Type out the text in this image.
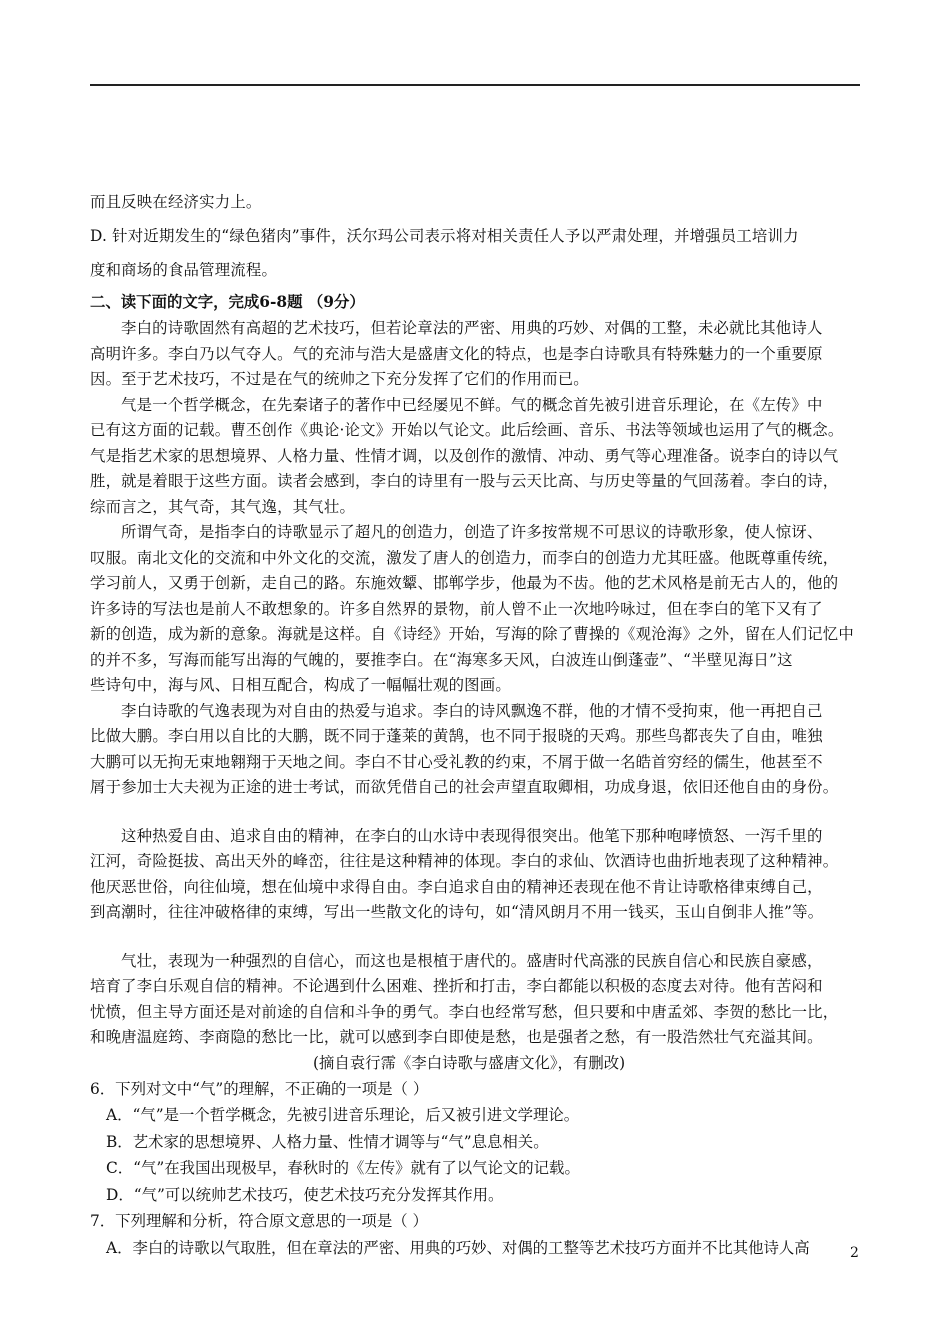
而且反映在经济实力上。
D. 针对近期发生的“绿色猪肉”事件，沃尔玛公司表示将对相关责任人予以严肃处理，并增强员工培训力
度和商场的食品管理流程。
二、读下面的文字，完成6-8题 （9分）
李白的诗歌固然有高超的艺术技巧，但若论章法的严密、用典的巧妙、对偶的工整，未必就比其他诗人
高明许多。李白乃以气夺人。气的充沛与浩大是盛唐文化的特点，也是李白诗歌具有特殊魅力的一个重要原
因。至于艺术技巧，不过是在气的统帅之下充分发挥了它们的作用而已。
气是一个哲学概念，在先秦诸子的著作中已经屡见不鲜。气的概念首先被引进音乐理论，在《左传》中
已有这方面的记载。曹丕创作《典论·论文》开始以气论文。此后绘画、音乐、书法等领域也运用了气的概念。
气是指艺术家的思想境界、人格力量、性情才调，以及创作的激情、冲动、勇气等心理准备。说李白的诗以气
胜，就是着眼于这些方面。读者会感到，李白的诗里有一股与云天比高、与历史等量的气回荡着。李白的诗，
综而言之，其气奇，其气逸，其气壮。
所谓气奇，是指李白的诗歌显示了超凡的创造力，创造了许多按常规不可思议的诗歌形象，使人惊讶、
叹服。南北文化的交流和中外文化的交流，激发了唐人的创造力，而李白的创造力尤其旺盛。他既尊重传统，
学习前人，又勇于创新，走自己的路。东施效颦、邯郸学步，他最为不齿。他的艺术风格是前无古人的，他的
许多诗的写法也是前人不敢想象的。许多自然界的景物，前人曾不止一次地吟咏过，但在李白的笔下又有了
新的创造，成为新的意象。海就是这样。自《诗经》开始，写海的除了曹操的《观沧海》之外，留在人们记忆中
的并不多，写海而能写出海的气魄的，要推李白。在“海寒多天风，白波连山倒蓬壶”、“半壁见海日”这
些诗句中，海与风、日相互配合，构成了一幅幅壮观的图画。
李白诗歌的气逸表现为对自由的热爱与追求。李白的诗风飘逸不群，他的才情不受拘束，他一再把自己
比做大鹏。李白用以自比的大鹏，既不同于蓬莱的黄鹄，也不同于报晓的天鸡。那些鸟都丧失了自由，唯独
大鹏可以无拘无束地翱翔于天地之间。李白不甘心受礼教的约束，不屑于做一名皓首穷经的儒生，他甚至不
屑于参加士大夫视为正途的进士考试，而欲凭借自己的社会声望直取卿相，功成身退，依旧还他自由的身份。
这种热爱自由、追求自由的精神，在李白的山水诗中表现得很突出。他笔下那种咆哮愤怒、一泻千里的
江河，奇险挺拔、高出天外的峰峦，往往是这种精神的体现。李白的求仙、饮酒诗也曲折地表现了这种精神。
他厌恶世俗，向往仙境，想在仙境中求得自由。李白追求自由的精神还表现在他不肯让诗歌格律束缚自己，
到高潮时，往往冲破格律的束缚，写出一些散文化的诗句，如“清风朗月不用一钱买，玉山自倒非人推”等。
气壮，表现为一种强烈的自信心，而这也是根植于唐代的。盛唐时代高涨的民族自信心和民族自豪感，
培育了李白乐观自信的精神。不论遇到什么困难、挫折和打击，李白都能以积极的态度去对待。他有苦闷和
忧愤，但主导方面还是对前途的自信和斗争的勇气。李白也经常写愁，但只要和中唐孟郊、李贺的愁比一比，
和晚唐温庭筠、李商隐的愁比一比，就可以感到李白即使是愁，也是强者之愁，有一股浩然壮气充溢其间。
(摘自袁行霈《李白诗歌与盛唐文化》，有删改)
6．下列对文中“气”的理解，不正确的一项是（ ）
A．“气”是一个哲学概念，先被引进音乐理论，后又被引进文学理论。
B．艺术家的思想境界、人格力量、性情才调等与“气”息息相关。
C．“气”在我国出现极早，春秋时的《左传》就有了以气论文的记载。
D．“气”可以统帅艺术技巧，使艺术技巧充分发挥其作用。
7．下列理解和分析，符合原文意思的一项是（ ）
A．李白的诗歌以气取胜，但在章法的严密、用典的巧妙、对偶的工整等艺术技巧方面并不比其他诗人高	2
